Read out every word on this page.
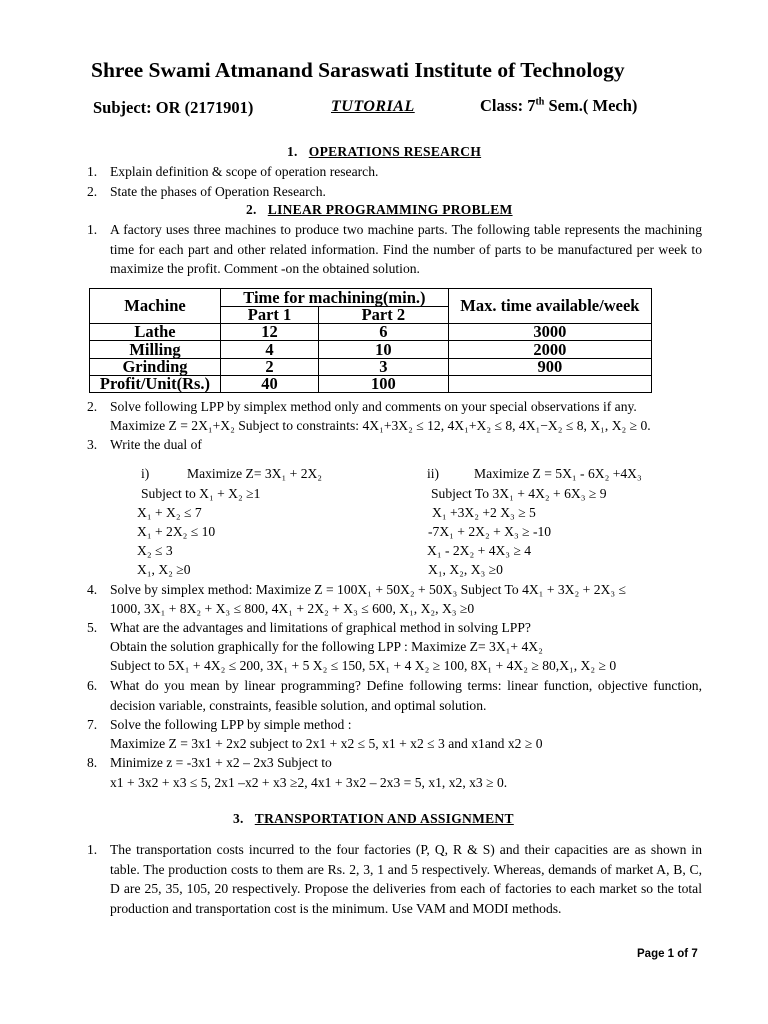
Shree Swami Atmanand Saraswati Institute of Technology
Subject: OR (2171901)	TUTORIAL	Class: 7th Sem.( Mech)
1. OPERATIONS RESEARCH
1. Explain definition & scope of operation research.
2. State the phases of Operation Research.
2. LINEAR PROGRAMMING PROBLEM
1. A factory uses three machines to produce two machine parts. The following table represents the machining time for each part and other related information. Find the number of parts to be manufactured per week to maximize the profit. Comment -on the obtained solution.
Machine	Time for machining(min.)		Max. time available/week
	Part 1	Part 2	
Lathe	12	6	3000
Milling	4	10	2000
Grinding	2	3	900
Profit/Unit(Rs.)	40	100	
2. Solve following LPP by simplex method only and comments on your special observations if any.
Maximize Z = 2X₁+X₂ Subject to constraints: 4X₁+3X₂ ≤ 12, 4X₁+X₂ ≤ 8, 4X₁−X₂ ≤ 8, X₁, X₂ ≥ 0.
3. Write the dual of
i)	Maximize Z= 3X₁ + 2X₂
Subject to X₁ + X₂ ≥1
X₁ + X₂ ≤ 7
X₁ + 2X₂ ≤ 10
X₂ ≤ 3
X₁, X₂ ≥0
ii)	Maximize Z = 5X₁ - 6X₂ +4X₃
Subject To 3X₁ + 4X₂ + 6X₃ ≥ 9
X₁ +3X₂ +2 X₃ ≥ 5
-7X₁ + 2X₂ + X₃ ≥ -10
X₁ - 2X₂ + 4X₃ ≥ 4
X₁, X₂, X₃ ≥0
4. Solve by simplex method: Maximize Z = 100X₁ + 50X₂ + 50X₃ Subject To 4X₁ + 3X₂ + 2X₃ ≤
1000, 3X₁ + 8X₂ + X₃ ≤ 800, 4X₁ + 2X₂ + X₃ ≤ 600, X₁, X₂, X₃ ≥0
5. What are the advantages and limitations of graphical method in solving LPP?
Obtain the solution graphically for the following LPP : Maximize Z= 3X₁+ 4X₂
Subject to 5X₁ + 4X₂ ≤ 200, 3X₁ + 5 X₂ ≤ 150, 5X₁ + 4 X₂ ≥ 100, 8X₁ + 4X₂ ≥ 80,X₁, X₂ ≥ 0
6. What do you mean by linear programming? Define following terms: linear function, objective function, decision variable, constraints, feasible solution, and optimal solution.
7. Solve the following LPP by simple method :
Maximize Z = 3x1 + 2x2 subject to 2x1 + x2 ≤ 5, x1 + x2 ≤ 3 and x1and x2 ≥ 0
8. Minimize z = -3x1 + x2 – 2x3 Subject to
x1 + 3x2 + x3 ≤ 5, 2x1 –x2 + x3 ≥2, 4x1 + 3x2 – 2x3 = 5, x1, x2, x3 ≥ 0.
3. TRANSPORTATION AND ASSIGNMENT
1. The transportation costs incurred to the four factories (P, Q, R & S) and their capacities are as shown in table. The production costs to them are Rs. 2, 3, 1 and 5 respectively. Whereas, demands of market A, B, C, D are 25, 35, 105, 20 respectively. Propose the deliveries from each of factories to each market so the total production and transportation cost is the minimum. Use VAM and MODI methods.
Page 1 of 7
